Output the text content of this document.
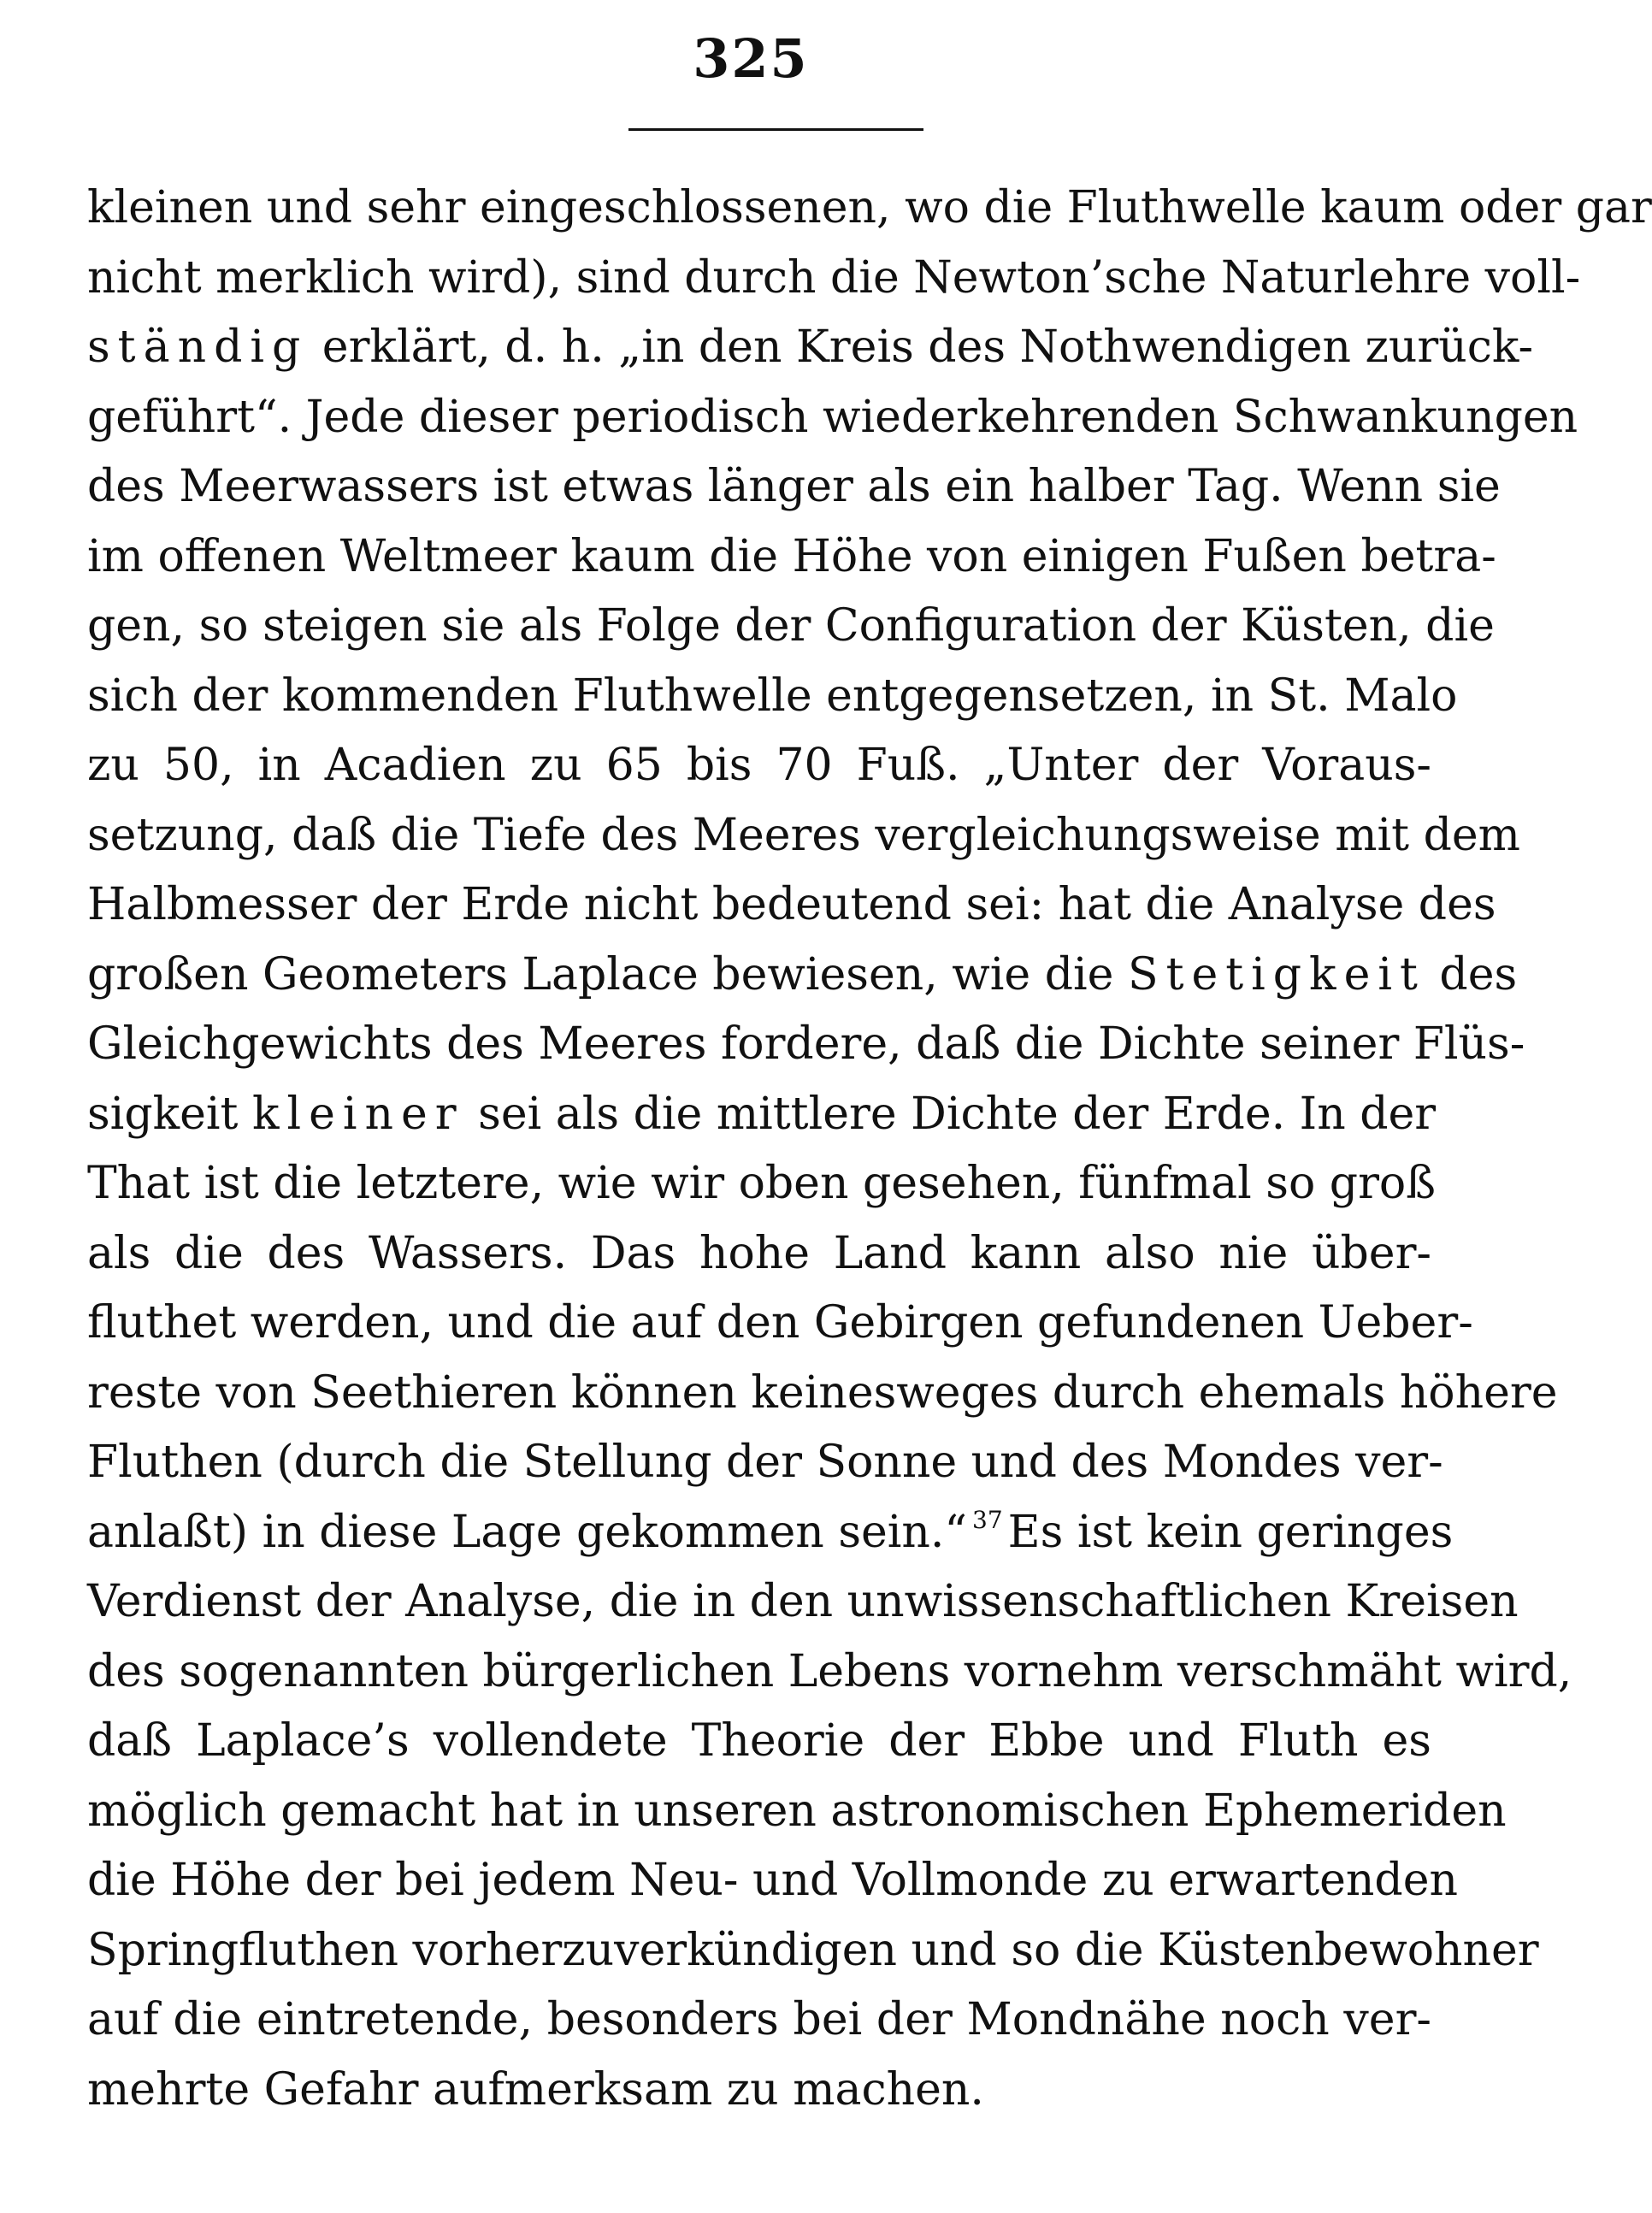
325
kleinen und sehr eingeschlossenen, wo die Fluthwelle kaum oder gar
nicht merklich wird), sind durch die Newton’sche Naturlehre voll-
ständig erklärt, d. h. „in den Kreis des Nothwendigen zurück-
geführt“. Jede dieser periodisch wiederkehrenden Schwankungen
des Meerwassers ist etwas länger als ein halber Tag. Wenn sie
im offenen Weltmeer kaum die Höhe von einigen Fußen betra-
gen, so steigen sie als Folge der Configuration der Küsten, die
sich der kommenden Fluthwelle entgegensetzen, in St. Malo
zu 50, in Acadien zu 65 bis 70 Fuß. „Unter der Voraus-
setzung, daß die Tiefe des Meeres vergleichungsweise mit dem
Halbmesser der Erde nicht bedeutend sei: hat die Analyse des
großen Geometers Laplace bewiesen, wie die Stetigkeit des
Gleichgewichts des Meeres fordere, daß die Dichte seiner Flüs-
sigkeit kleiner sei als die mittlere Dichte der Erde. In der
That ist die letztere, wie wir oben gesehen, fünfmal so groß
als die des Wassers. Das hohe Land kann also nie über-
fluthet werden, und die auf den Gebirgen gefundenen Ueber-
reste von Seethieren können keinesweges durch ehemals höhere
Fluthen (durch die Stellung der Sonne und des Mondes ver-
anlaßt) in diese Lage gekommen sein.“ $^{37}$ Es ist kein geringes
Verdienst der Analyse, die in den unwissenschaftlichen Kreisen
des sogenannten bürgerlichen Lebens vornehm verschmäht wird,
daß Laplace’s vollendete Theorie der Ebbe und Fluth es
möglich gemacht hat in unseren astronomischen Ephemeriden
die Höhe der bei jedem Neu- und Vollmonde zu erwartenden
Springfluthen vorherzuverkündigen und so die Küstenbewohner
auf die eintretende, besonders bei der Mondnähe noch ver-
mehrte Gefahr aufmerksam zu machen.
